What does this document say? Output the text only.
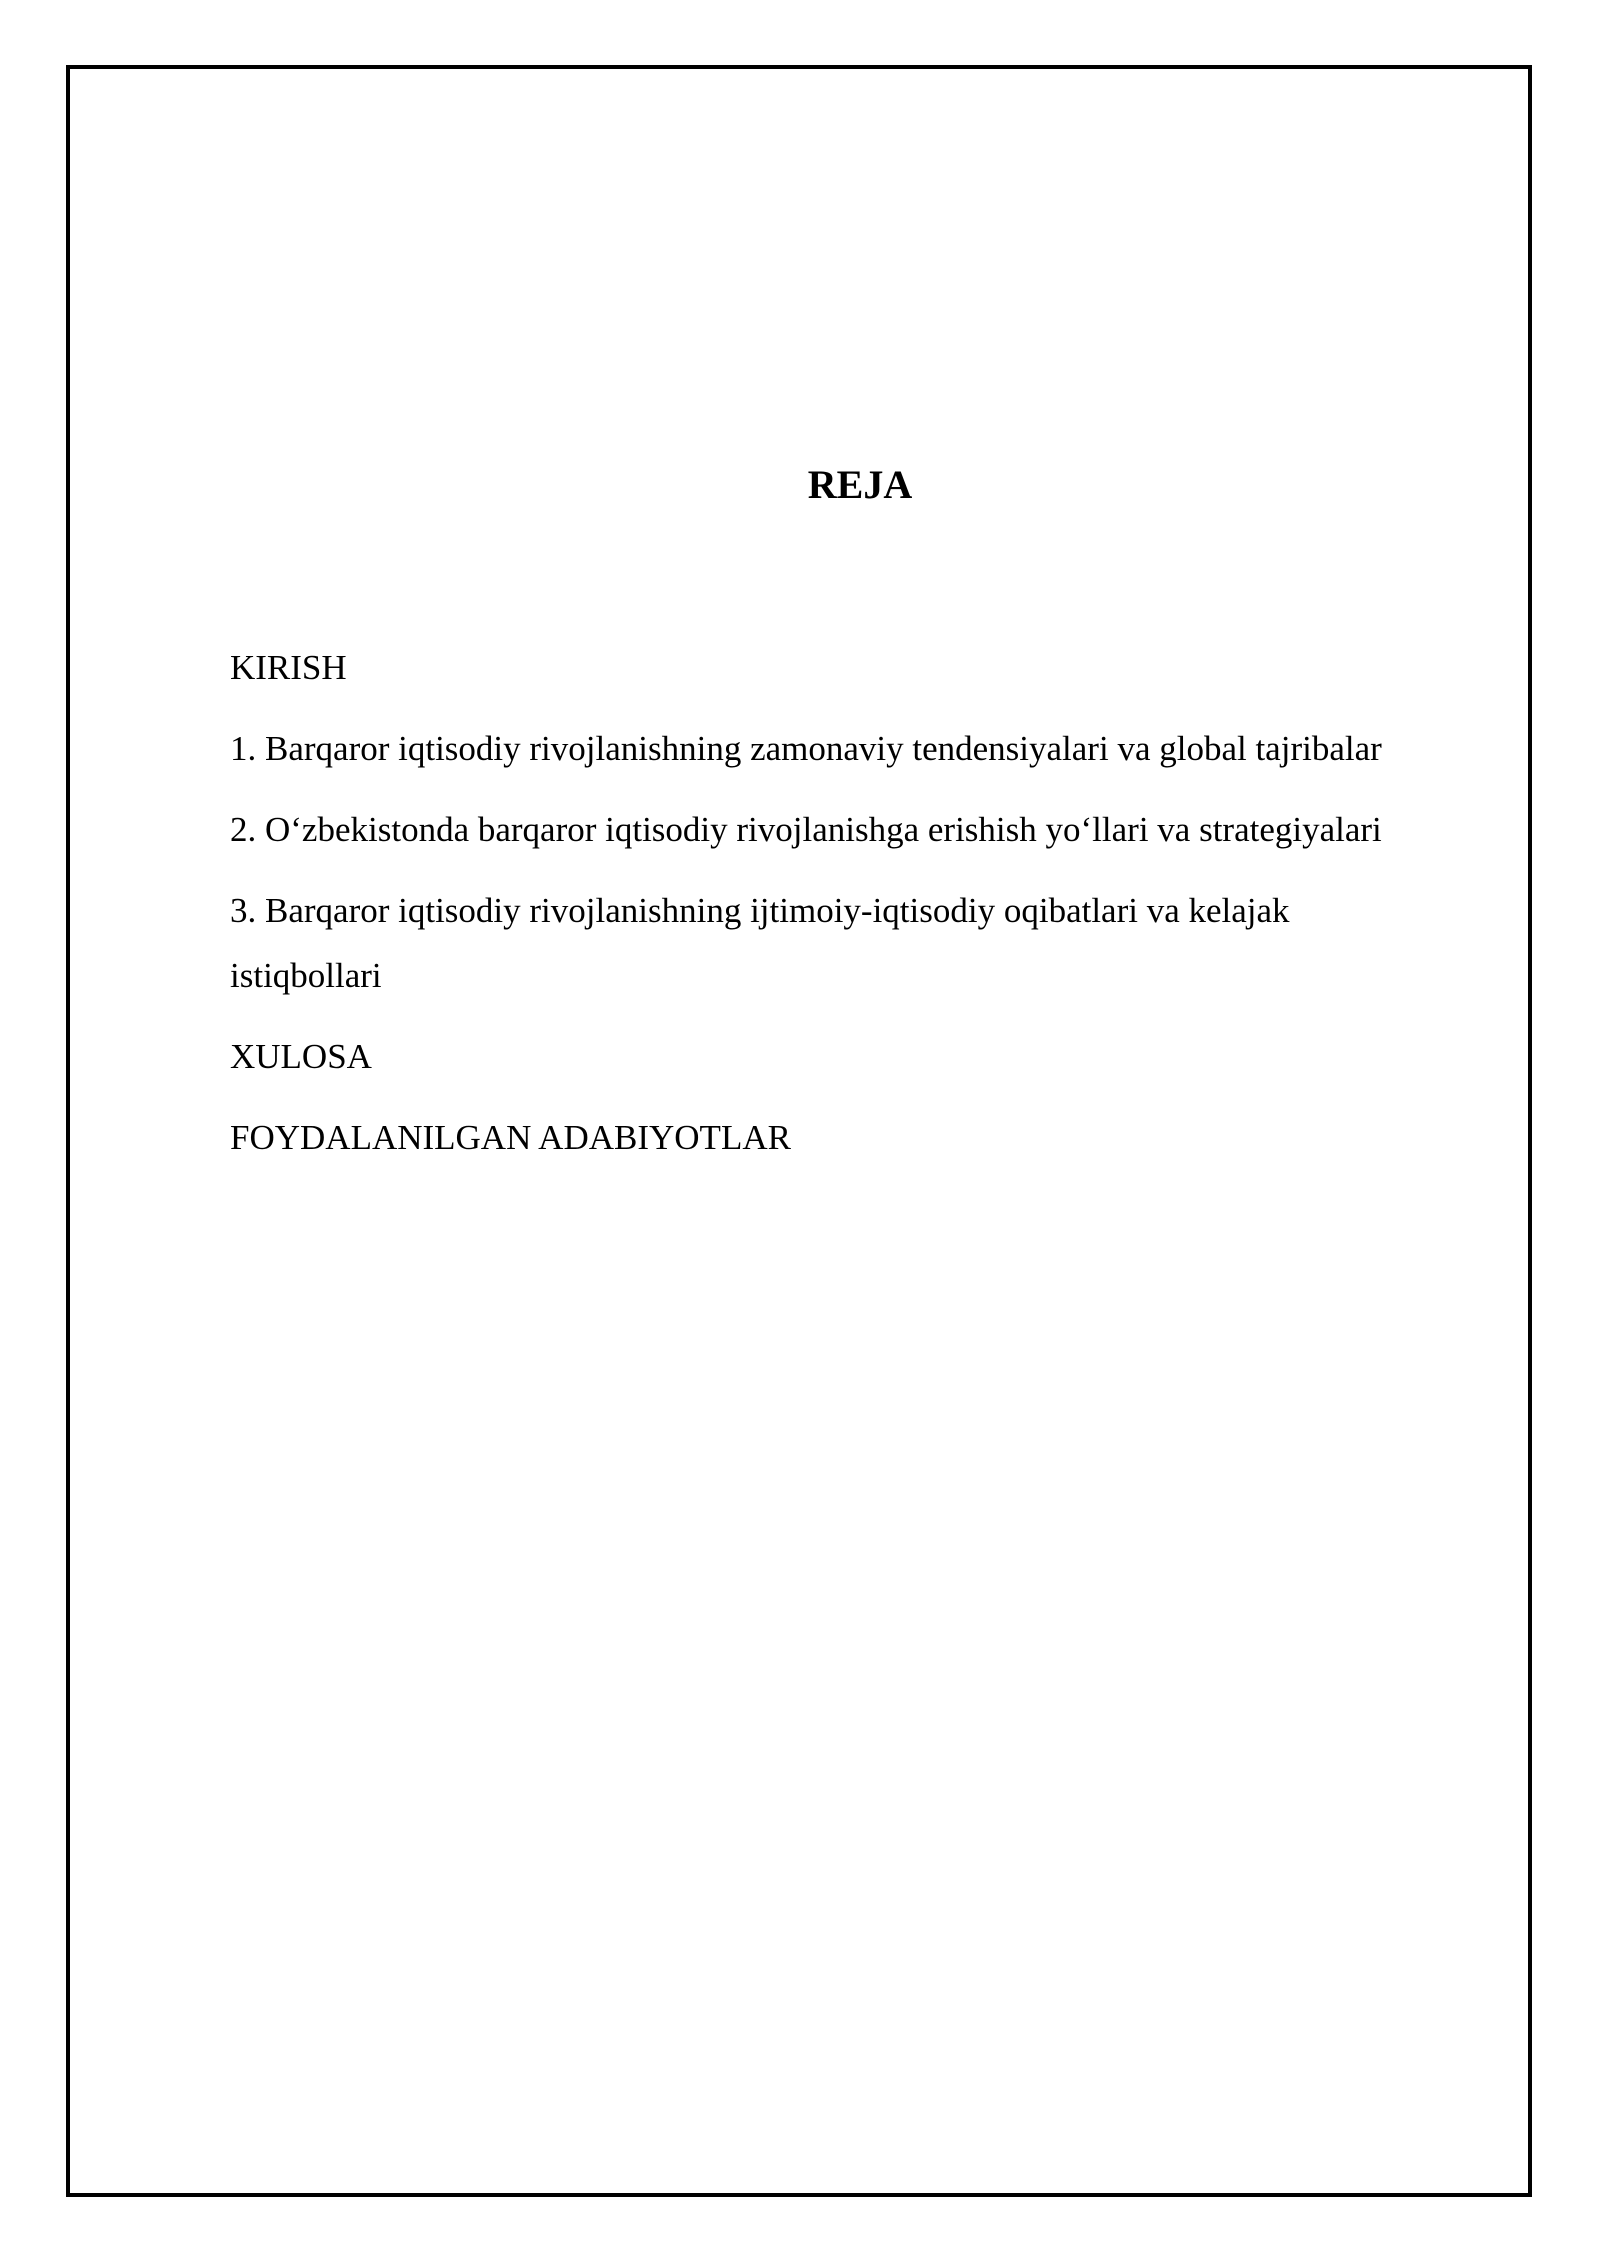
REJA
KIRISH
1. Barqaror iqtisodiy rivojlanishning zamonaviy tendensiyalari va global tajribalar
2. O‘zbekistonda barqaror iqtisodiy rivojlanishga erishish yo‘llari va strategiyalari
3. Barqaror iqtisodiy rivojlanishning ijtimoiy-iqtisodiy oqibatlari va kelajak istiqbollari
XULOSA
FOYDALANILGAN ADABIYOTLAR
